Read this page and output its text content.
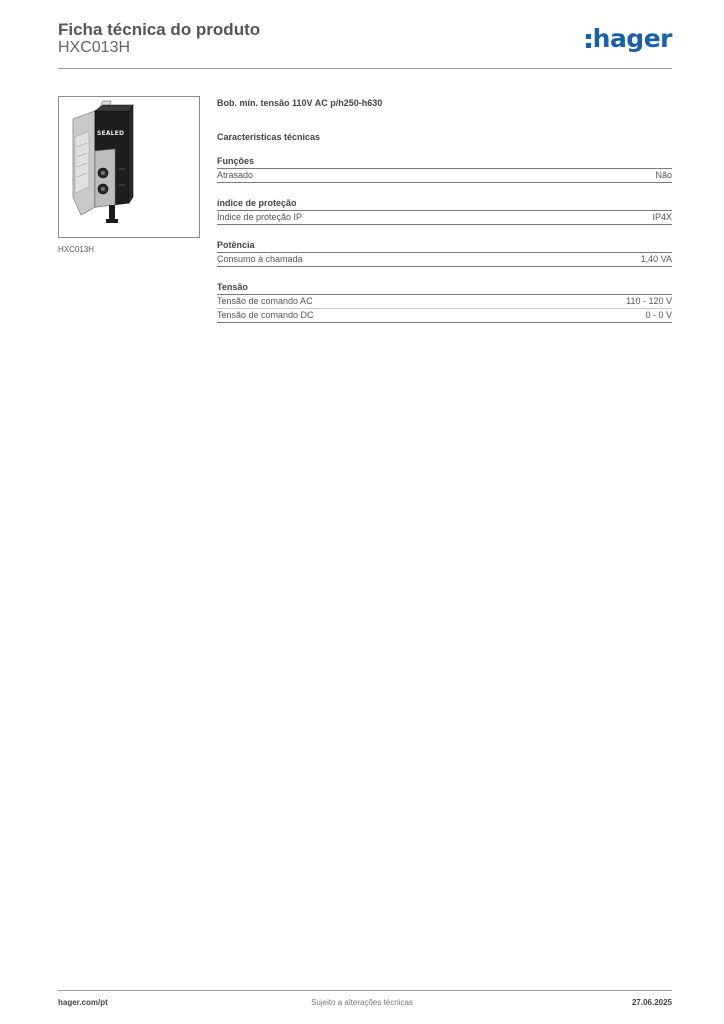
Ficha técnica do produto
HXC013H	hager
SEALED
HXC013H
Bob. mín. tensão 110V AC p/h250-h630
Características técnicas
Funções
Atrasado	Não
índice de proteção
Índice de proteção IP	IP4X
Potência
Consumo à chamada	1,40 VA
Tensão
Tensão de comando AC	110 - 120 V
Tensão de comando DC	0 - 0 V
hager.com/pt	Sujeito a alterações técnicas	27.06.2025
